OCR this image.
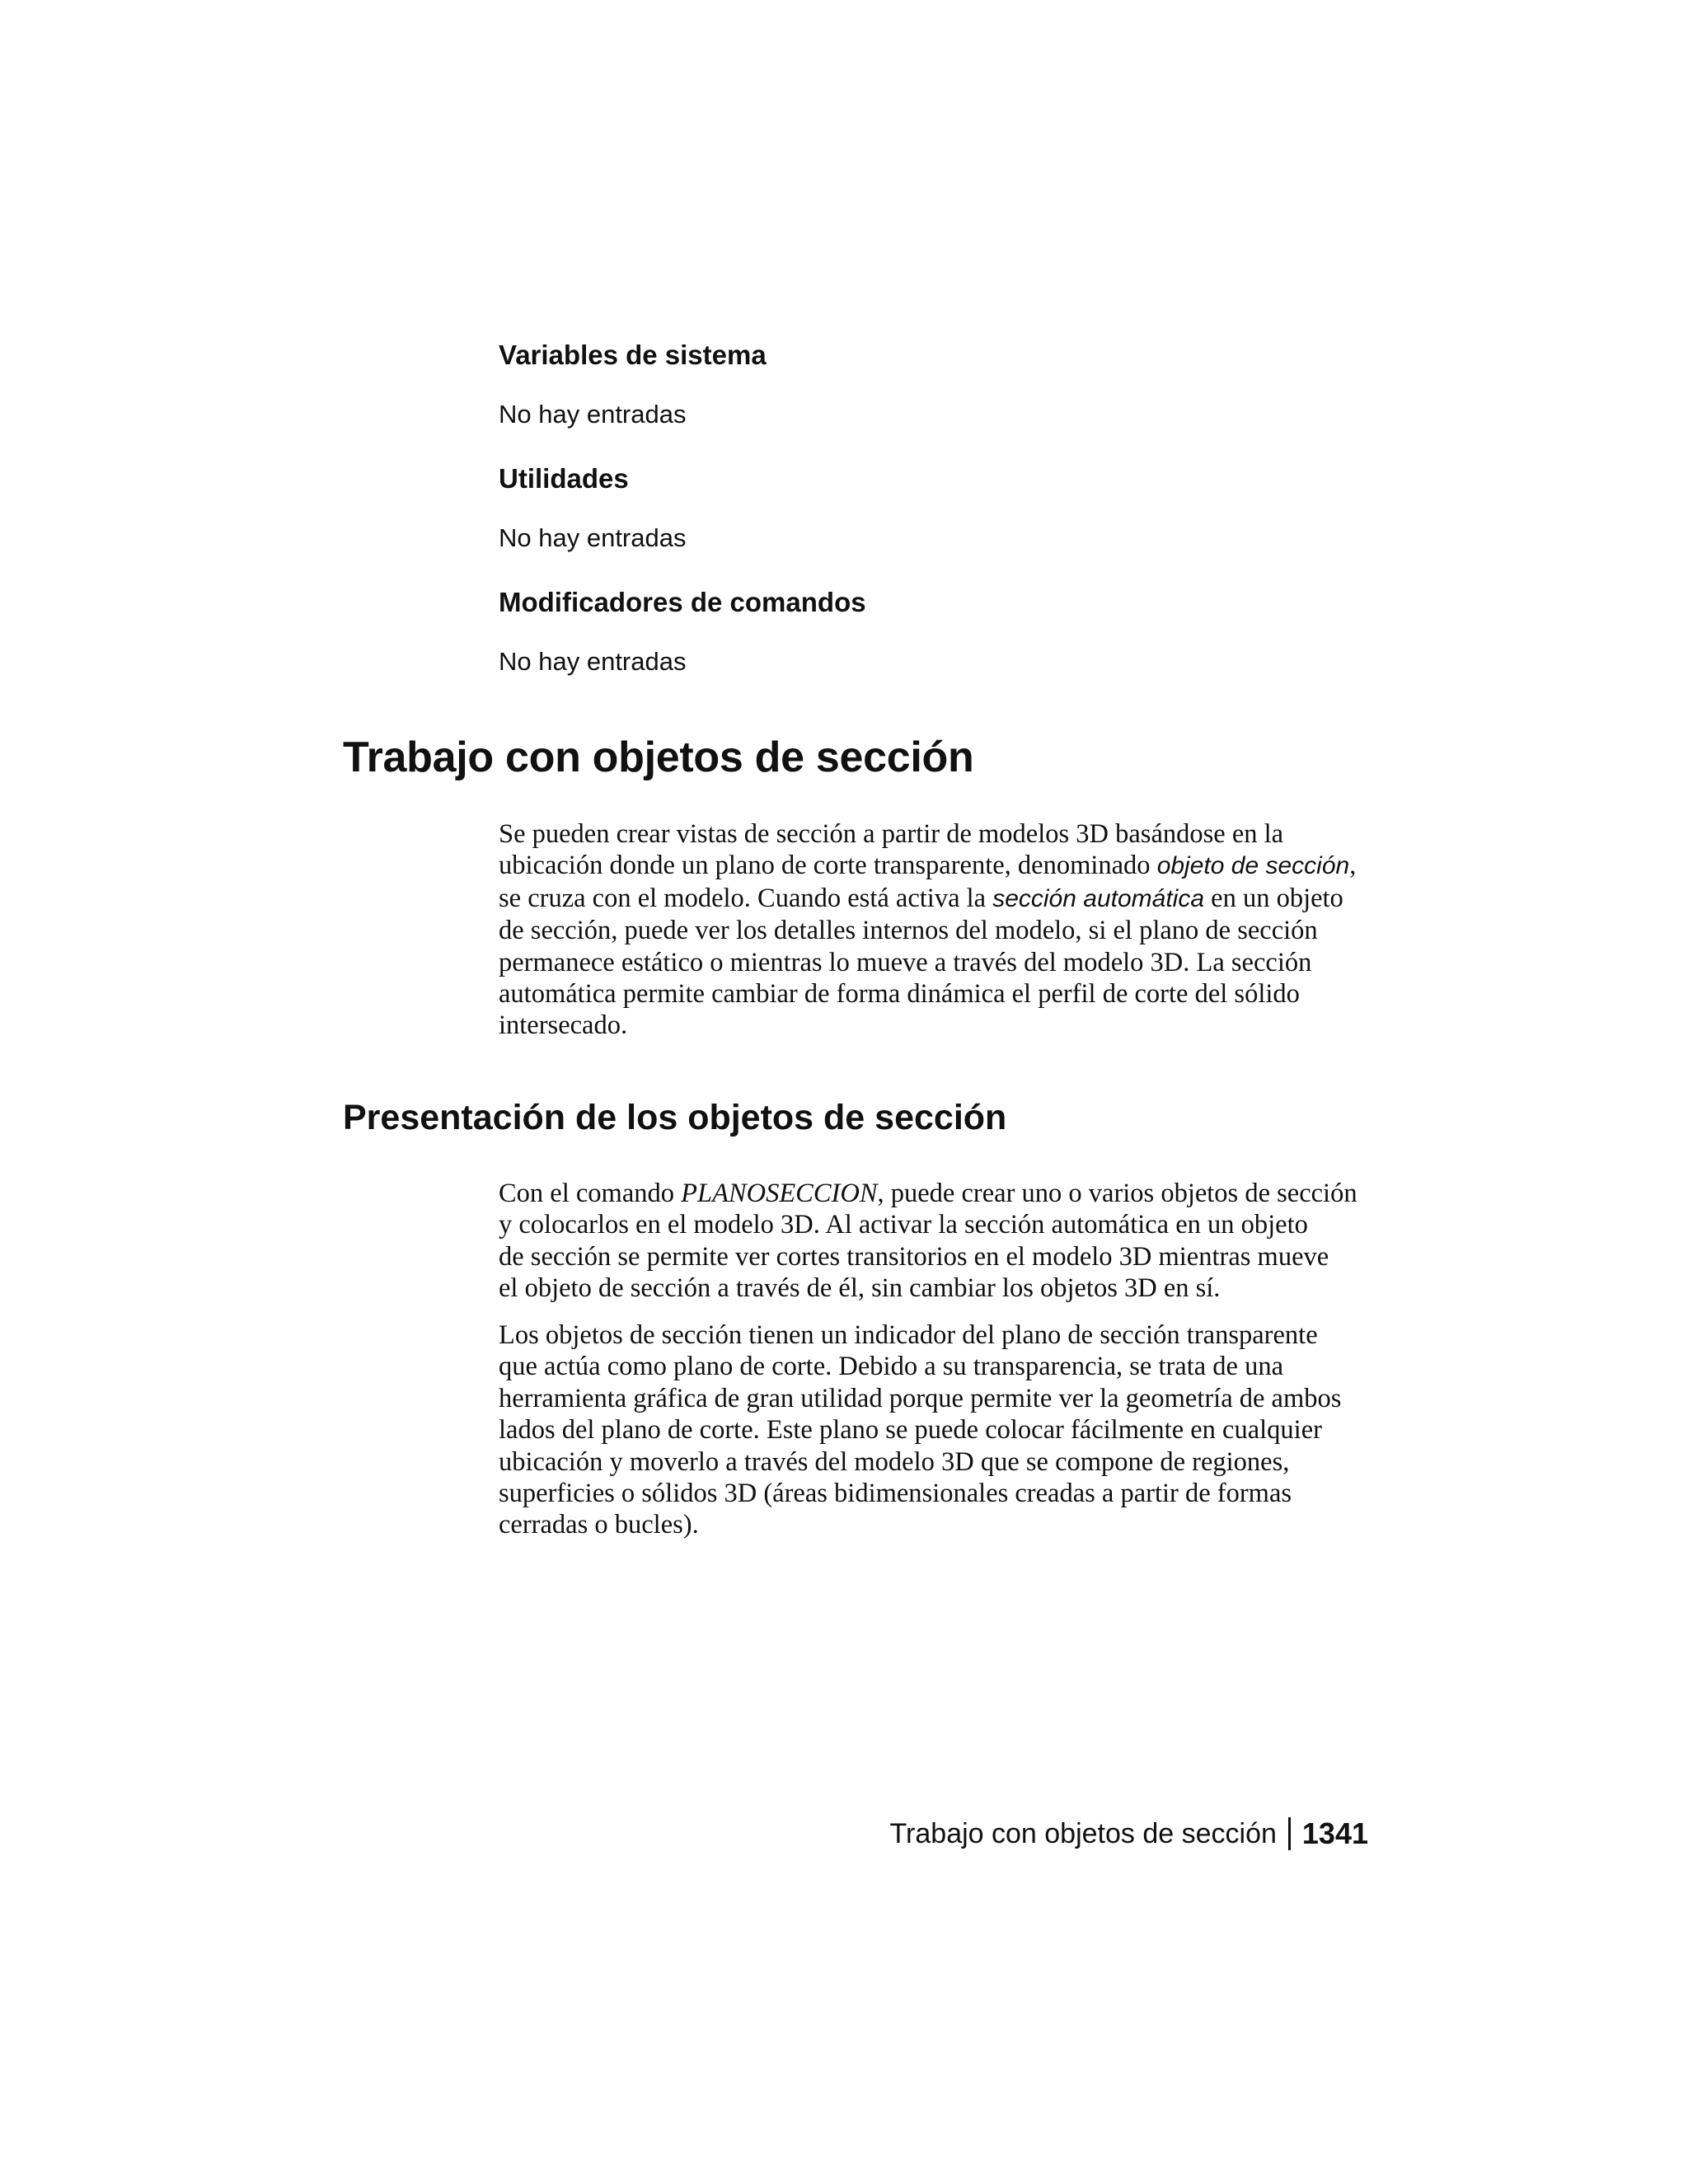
Variables de sistema

No hay entradas

Utilidades

No hay entradas

Modificadores de comandos

No hay entradas

Trabajo con objetos de sección

Se pueden crear vistas de sección a partir de modelos 3D basándose en la
ubicación donde un plano de corte transparente, denominado objeto de sección,
se cruza con el modelo. Cuando está activa la sección automática en un objeto
de sección, puede ver los detalles internos del modelo, si el plano de sección
permanece estático o mientras lo mueve a través del modelo 3D. La sección
automática permite cambiar de forma dinámica el perfil de corte del sólido
intersecado.

Presentación de los objetos de sección

Con el comando PLANOSECCION, puede crear uno o varios objetos de sección
y colocarlos en el modelo 3D. Al activar la sección automática en un objeto
de sección se permite ver cortes transitorios en el modelo 3D mientras mueve
el objeto de sección a través de él, sin cambiar los objetos 3D en sí.

Los objetos de sección tienen un indicador del plano de sección transparente
que actúa como plano de corte. Debido a su transparencia, se trata de una
herramienta gráfica de gran utilidad porque permite ver la geometría de ambos
lados del plano de corte. Este plano se puede colocar fácilmente en cualquier
ubicación y moverlo a través del modelo 3D que se compone de regiones,
superficies o sólidos 3D (áreas bidimensionales creadas a partir de formas
cerradas o bucles).

Trabajo con objetos de sección 1341
